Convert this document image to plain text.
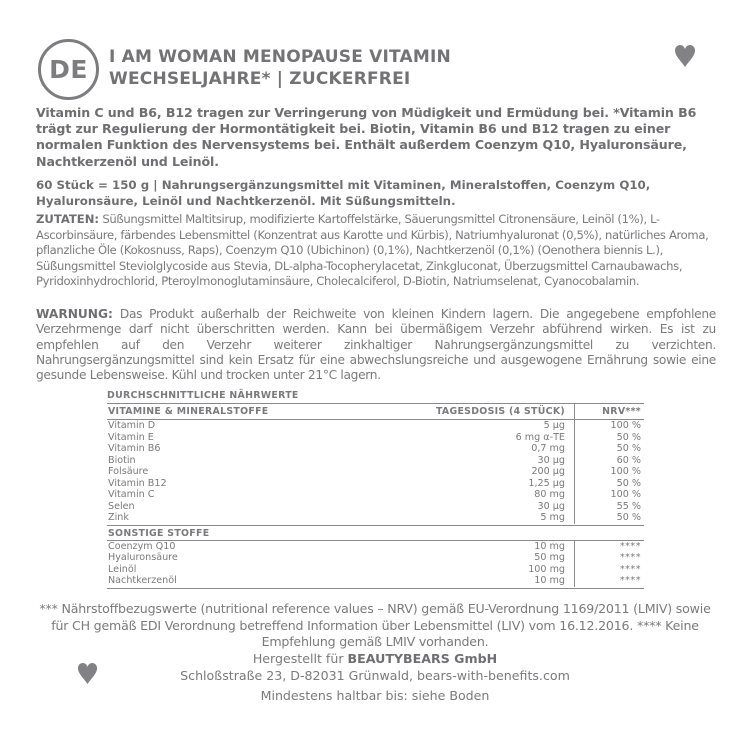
DE I AM WOMAN MENOPAUSE VITAMIN
WECHSELJAHRE* | ZUCKERFREI
Vitamin C und B6, B12 tragen zur Verringerung von Müdigkeit und Ermüdung bei. *Vitamin B6 trägt zur Regulierung der Hormontätigkeit bei. Biotin, Vitamin B6 und B12 tragen zu einer normalen Funktion des Nervensystems bei. Enthält außerdem Coenzym Q10, Hyaluronsäure, Nachtkerzenöl und Leinöl.
60 Stück = 150 g | Nahrungsergänzungsmittel mit Vitaminen, Mineralstoffen, Coenzym Q10, Hyaluronsäure, Leinöl und Nachtkerzenöl. Mit Süßungsmitteln.
ZUTATEN: Süßungsmittel Maltitsirup, modifizierte Kartoffelstärke, Säuerungsmittel Citronensäure, Leinöl (1%), L-Ascorbinsäure, färbendes Lebensmittel (Konzentrat aus Karotte und Kürbis), Natriumhyaluronat (0,5%), natürliches Aroma, pflanzliche Öle (Kokosnuss, Raps), Coenzym Q10 (Ubichinon) (0,1%), Nachtkerzenöl (0,1%) (Oenothera biennis L.), Süßungsmittel Steviolglycoside aus Stevia, DL-alpha-Tocopherylacetat, Zinkgluconat, Überzugsmittel Carnaubawachs, Pyridoxinhydrochlorid, Pteroylmonoglutaminsäure, Cholecalciferol, D-Biotin, Natriumselenat, Cyanocobalamin.
WARNUNG: Das Produkt außerhalb der Reichweite von kleinen Kindern lagern. Die angegebene empfohlene Verzehrmenge darf nicht überschritten werden. Kann bei übermäßigem Verzehr abführend wirken. Es ist zu empfehlen auf den Verzehr weiterer zinkhaltiger Nahrungsergänzungsmittel zu verzichten. Nahrungsergänzungsmittel sind kein Ersatz für eine abwechslungsreiche und ausgewogene Ernährung sowie eine gesunde Lebensweise. Kühl und trocken unter 21°C lagern.
DURCHSCHNITTLICHE NÄHRWERTE
VITAMINE & MINERALSTOFFE	TAGESDOSIS (4 STÜCK)	NRV***
Vitamin D	5 µg	100 %
Vitamin E	6 mg α-TE	50 %
Vitamin B6	0,7 mg	50 %
Biotin	30 µg	60 %
Folsäure	200 µg	100 %
Vitamin B12	1,25 µg	50 %
Vitamin C	80 mg	100 %
Selen	30 µg	55 %
Zink	5 mg	50 %
SONSTIGE STOFFE
Coenzym Q10	10 mg	****
Hyaluronsäure	50 mg	****
Leinöl	100 mg	****
Nachtkerzenöl	10 mg	****
*** Nährstoffbezugswerte (nutritional reference values – NRV) gemäß EU-Verordnung 1169/2011 (LMIV) sowie für CH gemäß EDI Verordnung betreffend Information über Lebensmittel (LIV) vom 16.12.2016. **** Keine Empfehlung gemäß LMIV vorhanden.
Hergestellt für BEAUTYBEARS GmbH
Schloßstraße 23, D-82031 Grünwald, bears-with-benefits.com
Mindestens haltbar bis: siehe Boden
